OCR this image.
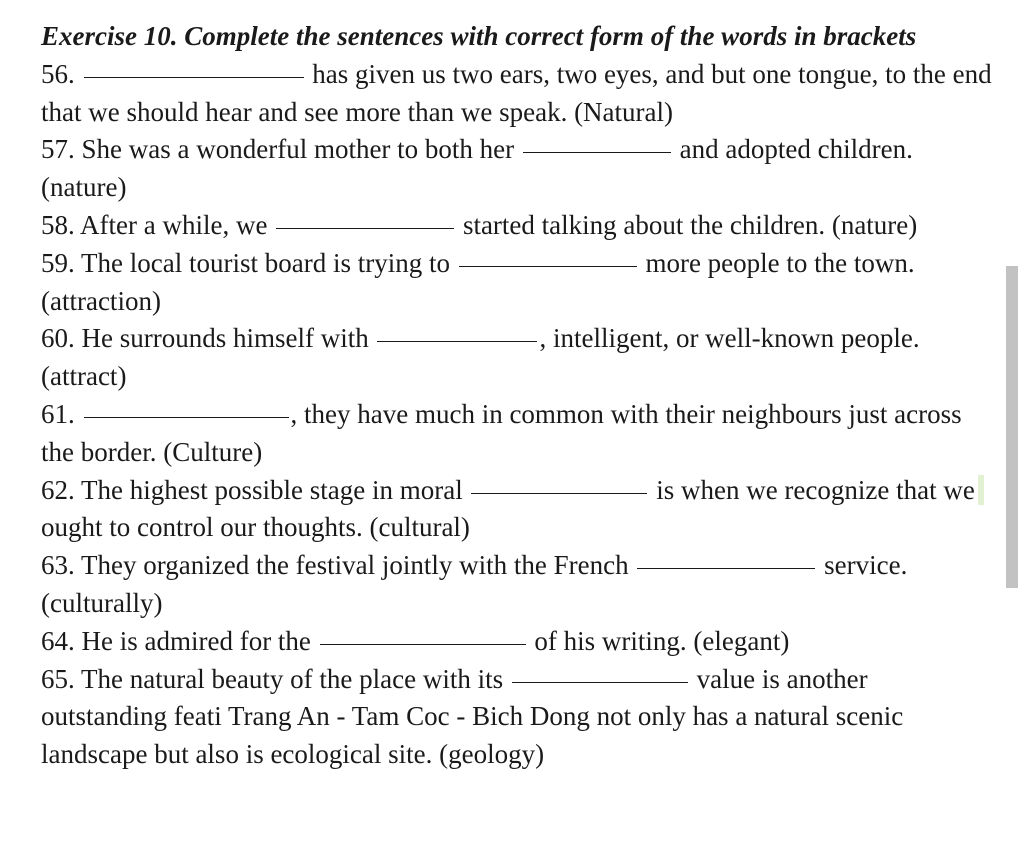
Exercise 10. Complete the sentences with correct form of the words in brackets

56.	has given us two ears, two eyes, and but one tongue, to the end that we should hear and see more than we speak. (Natural)

57. She was a wonderful mother to both her	and adopted children. (nature)

58. After a while, we	started talking about the children. (nature)

59. The local tourist board is trying to	more people to the town. (attraction)

60. He surrounds himself with	, intelligent, or well-known people. (attract)

61.	, they have much in common with their neighbours just across the border. (Culture)

62. The highest possible stage in moral	is when we recognize that we ought to control our thoughts. (cultural)

63. They organized the festival jointly with the French	service. (culturally)

64. He is admired for the	of his writing. (elegant)

65. The natural beauty of the place with its	value is another outstanding feati Trang An - Tam Coc - Bich Dong not only has a natural scenic landscape but also is ecological site. (geology)
